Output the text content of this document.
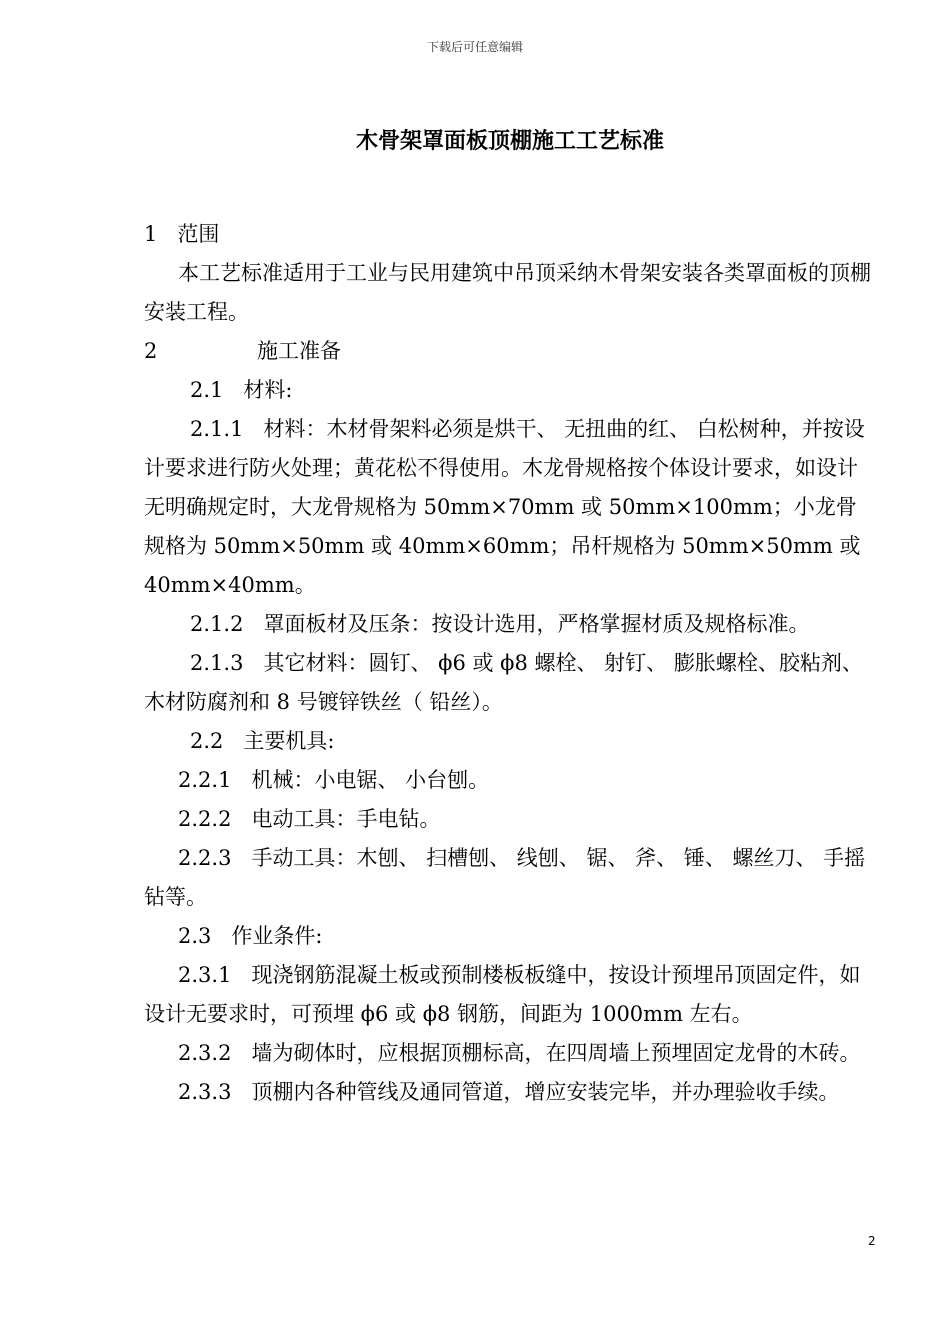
下载后可任意编辑
木骨架罩面板顶棚施工工艺标准

1   范围

本工艺标准适用于工业与民用建筑中吊顶采纳木骨架安装各类罩面板的顶棚安装工程。

2	施工准备

2.1   材料:

2.1.1   材料：木材骨架料必须是烘干、 无扭曲的红、 白松树种，并按设计要求进行防火处理；黄花松不得使用。木龙骨规格按个体设计要求，如设计无明确规定时，大龙骨规格为 50mm×70mm 或 50mm×100mm；小龙骨规格为 50mm×50mm 或 40mm×60mm；吊杆规格为 50mm×50mm 或 40mm×40mm。

2.1.2   罩面板材及压条：按设计选用，严格掌握材质及规格标准。

2.1.3   其它材料：圆钉、 ϕ6 或 ϕ8 螺栓、 射钉、 膨胀螺栓、胶粘剂、 木材防腐剂和 8 号镀锌铁丝（ 铅丝）。

2.2   主要机具:

2.2.1   机械：小电锯、 小台刨。

2.2.2   电动工具：手电钻。

2.2.3   手动工具：木刨、 扫槽刨、 线刨、 锯、 斧、 锤、 螺丝刀、 手摇钻等。

2.3   作业条件:

2.3.1   现浇钢筋混凝土板或预制楼板板缝中，按设计预埋吊顶固定件，如设计无要求时，可预埋 ϕ6 或 ϕ8 钢筋，间距为 1000mm 左右。

2.3.2   墙为砌体时，应根据顶棚标高，在四周墙上预埋固定龙骨的木砖。

2.3.3   顶棚内各种管线及通同管道，增应安装完毕，并办理验收手续。

2
